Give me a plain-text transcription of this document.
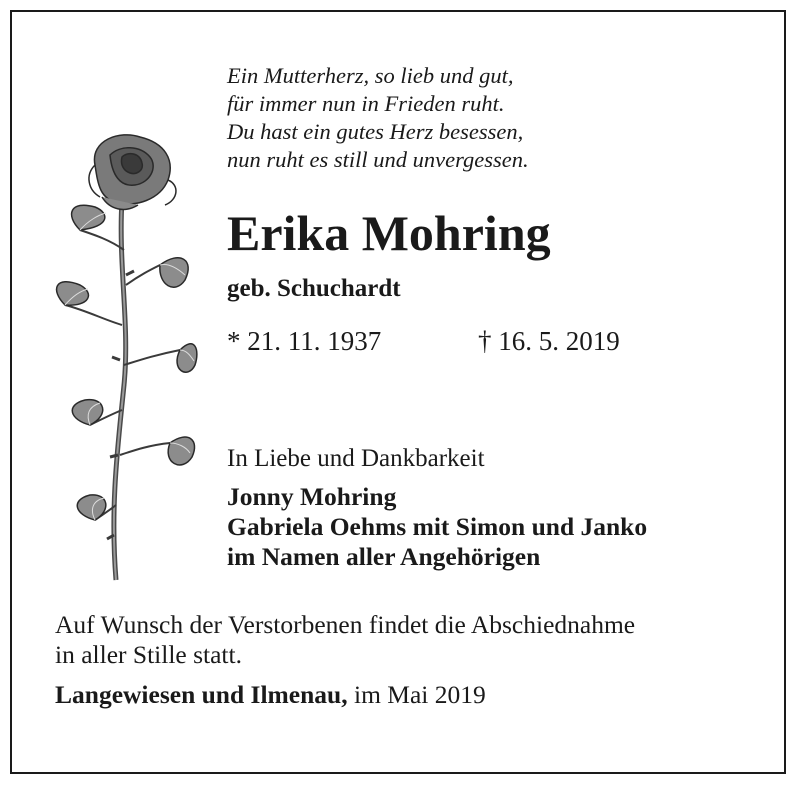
Ein Mutterherz, so lieb und gut,
für immer nun in Frieden ruht.
Du hast ein gutes Herz besessen,
nun ruht es still und unvergessen.
Erika Mohring
geb. Schuchardt
* 21. 11. 1937	† 16. 5. 2019
In Liebe und Dankbarkeit
Jonny Mohring
Gabriela Oehms mit Simon und Janko
im Namen aller Angehörigen
Auf Wunsch der Verstorbenen findet die Abschiednahme
in aller Stille statt.
Langewiesen und Ilmenau, im Mai 2019
